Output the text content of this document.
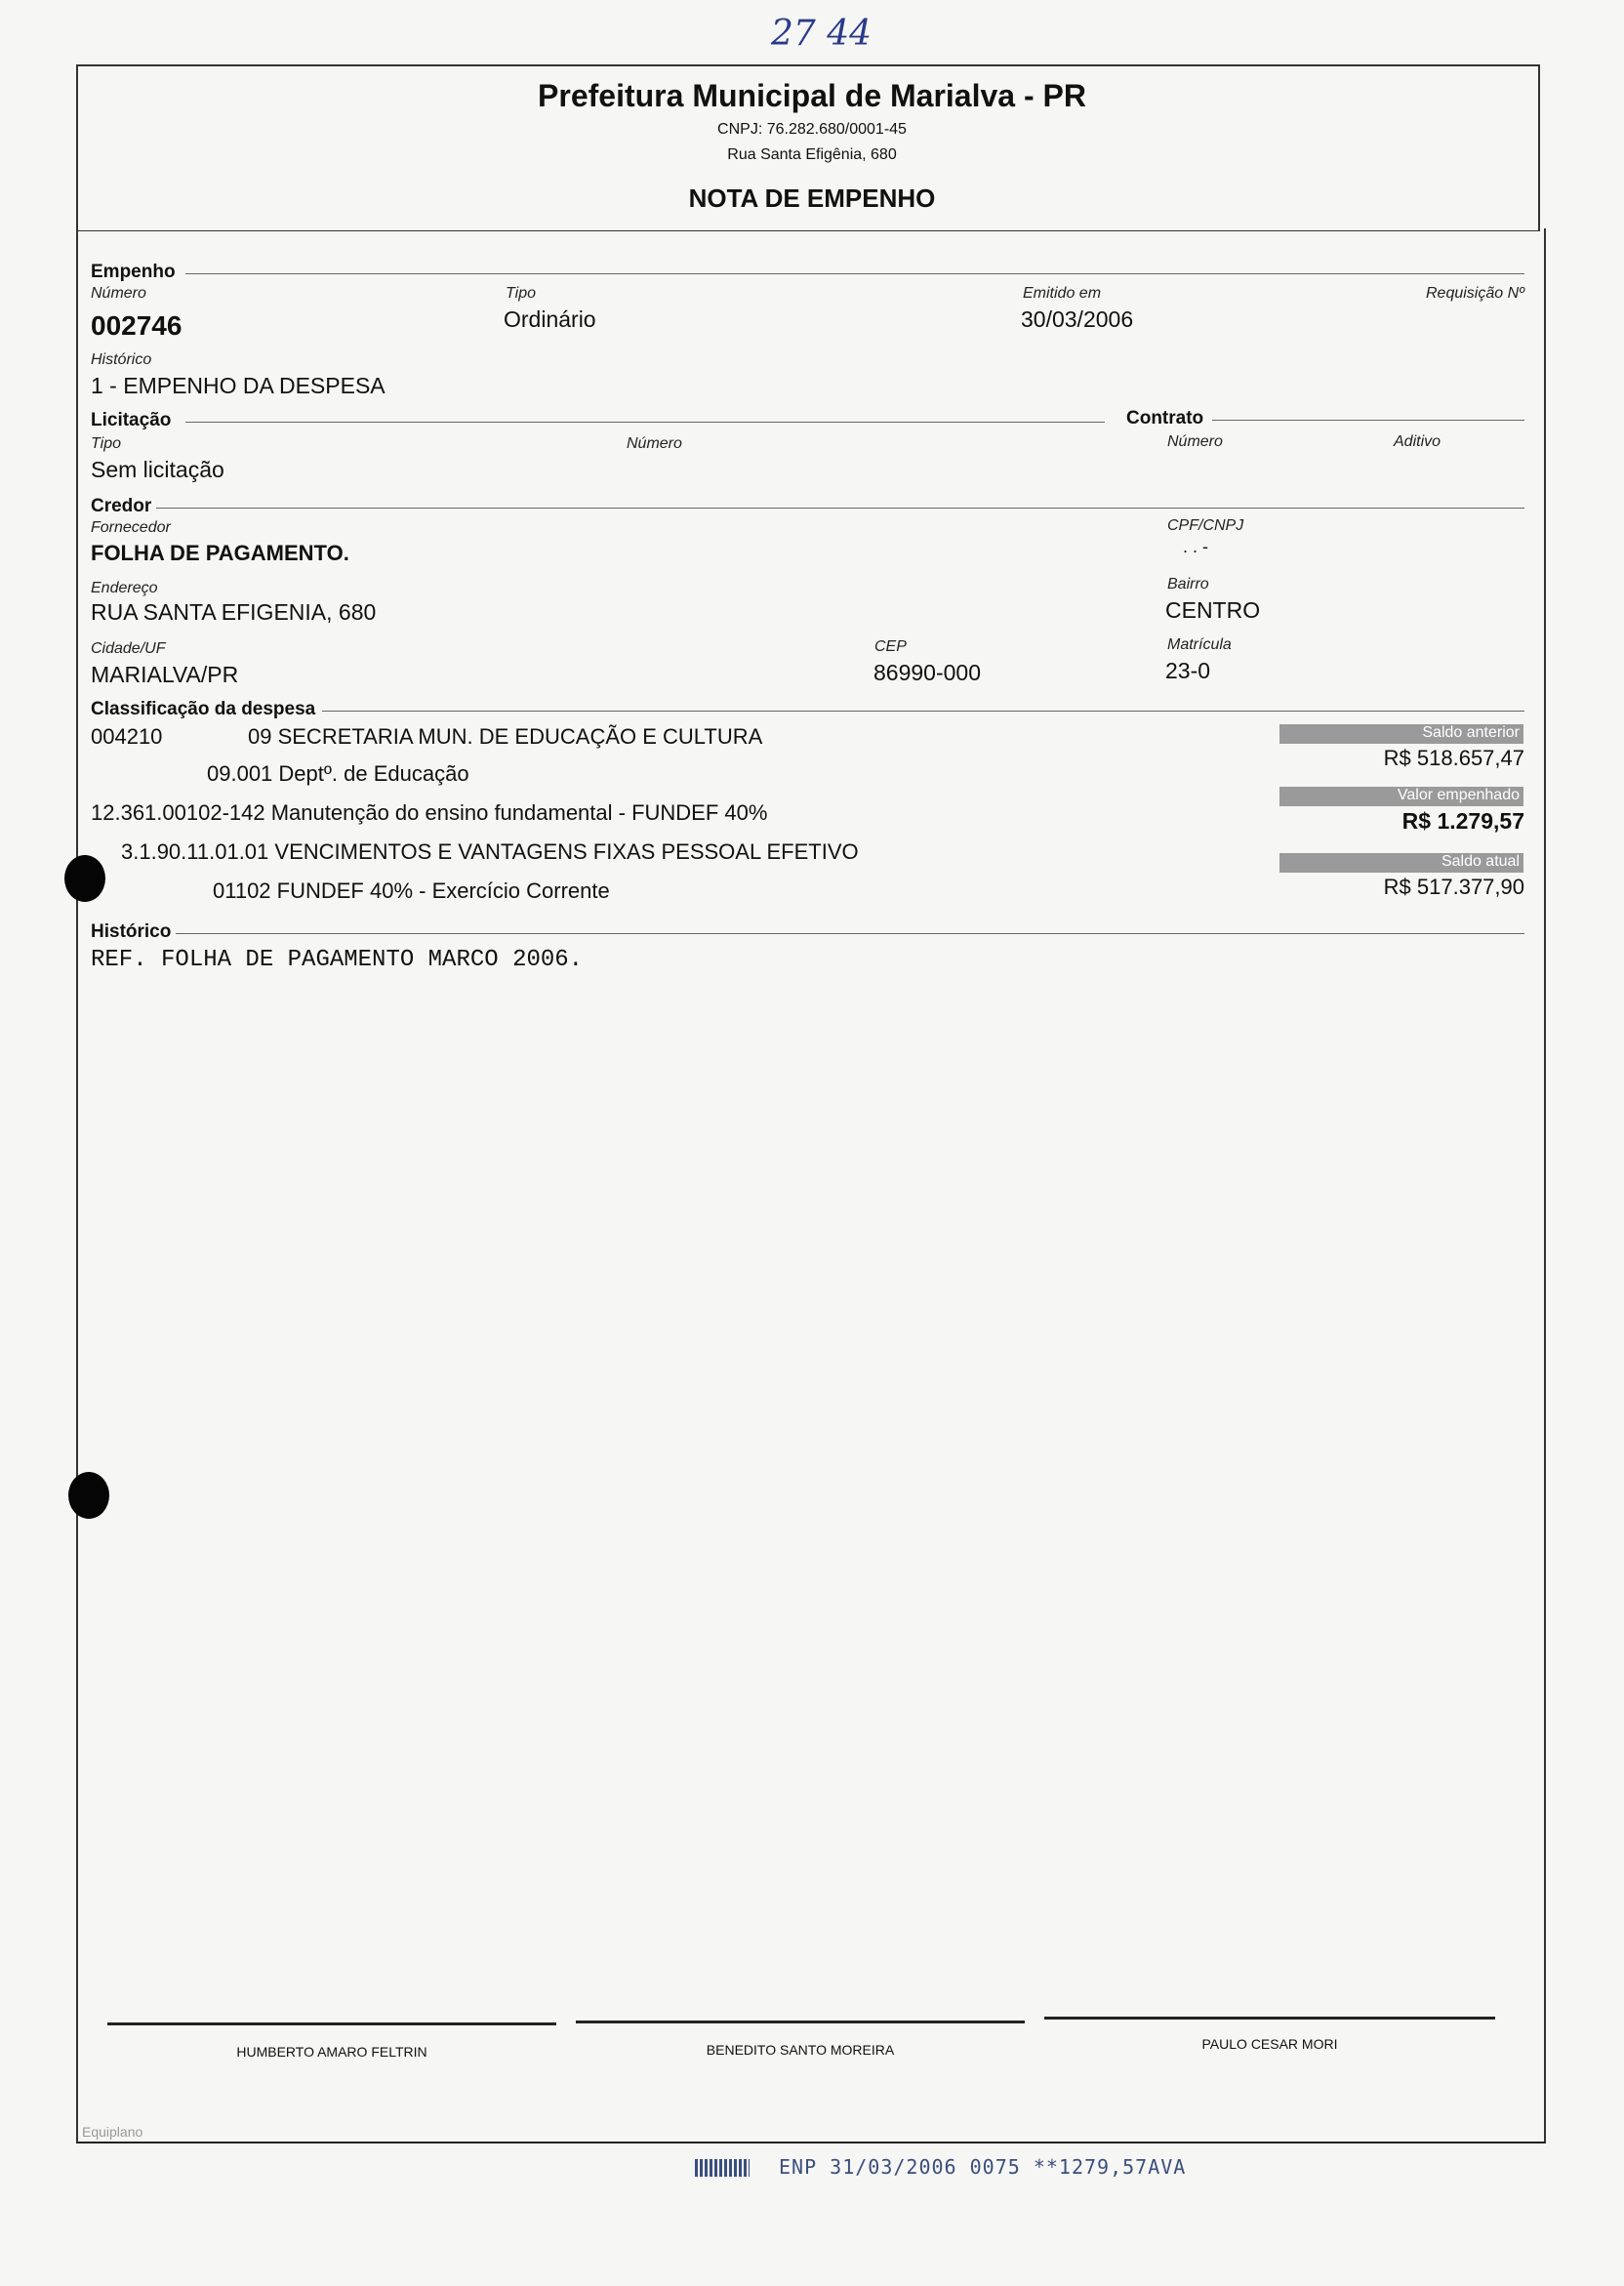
27 44
Prefeitura Municipal de Marialva - PR
CNPJ: 76.282.680/0001-45
Rua Santa Efigênia, 680
NOTA DE EMPENHO
Empenho
Número
002746
Tipo
Ordinário
Emitido em
30/03/2006
Requisição Nº
Histórico
1 - EMPENHO DA DESPESA
Licitação	Contrato
Tipo
Sem licitação
Número	Número	Aditivo
Credor
Fornecedor
FOLHA DE PAGAMENTO.
CPF/CNPJ
. . -
Endereço
RUA SANTA EFIGENIA, 680
Bairro
CENTRO
Cidade/UF
MARIALVA/PR
CEP
86990-000
Matrícula
23-0
Classificação da despesa
004210	09 SECRETARIA MUN. DE EDUCAÇÃO E CULTURA
09.001 Deptº. de Educação
12.361.00102-142 Manutenção do ensino fundamental - FUNDEF 40%
3.1.90.11.01.01 VENCIMENTOS E VANTAGENS FIXAS PESSOAL EFETIVO
01102 FUNDEF 40% - Exercício Corrente
Saldo anterior
R$ 518.657,47
Valor empenhado
R$ 1.279,57
Saldo atual
R$ 517.377,90
Histórico
REF. FOLHA DE PAGAMENTO MARCO 2006.
HUMBERTO AMARO FELTRIN	BENEDITO SANTO MOREIRA	PAULO CESAR MORI
Equiplano
ENP 31/03/2006 0075 **1279,57AVA
